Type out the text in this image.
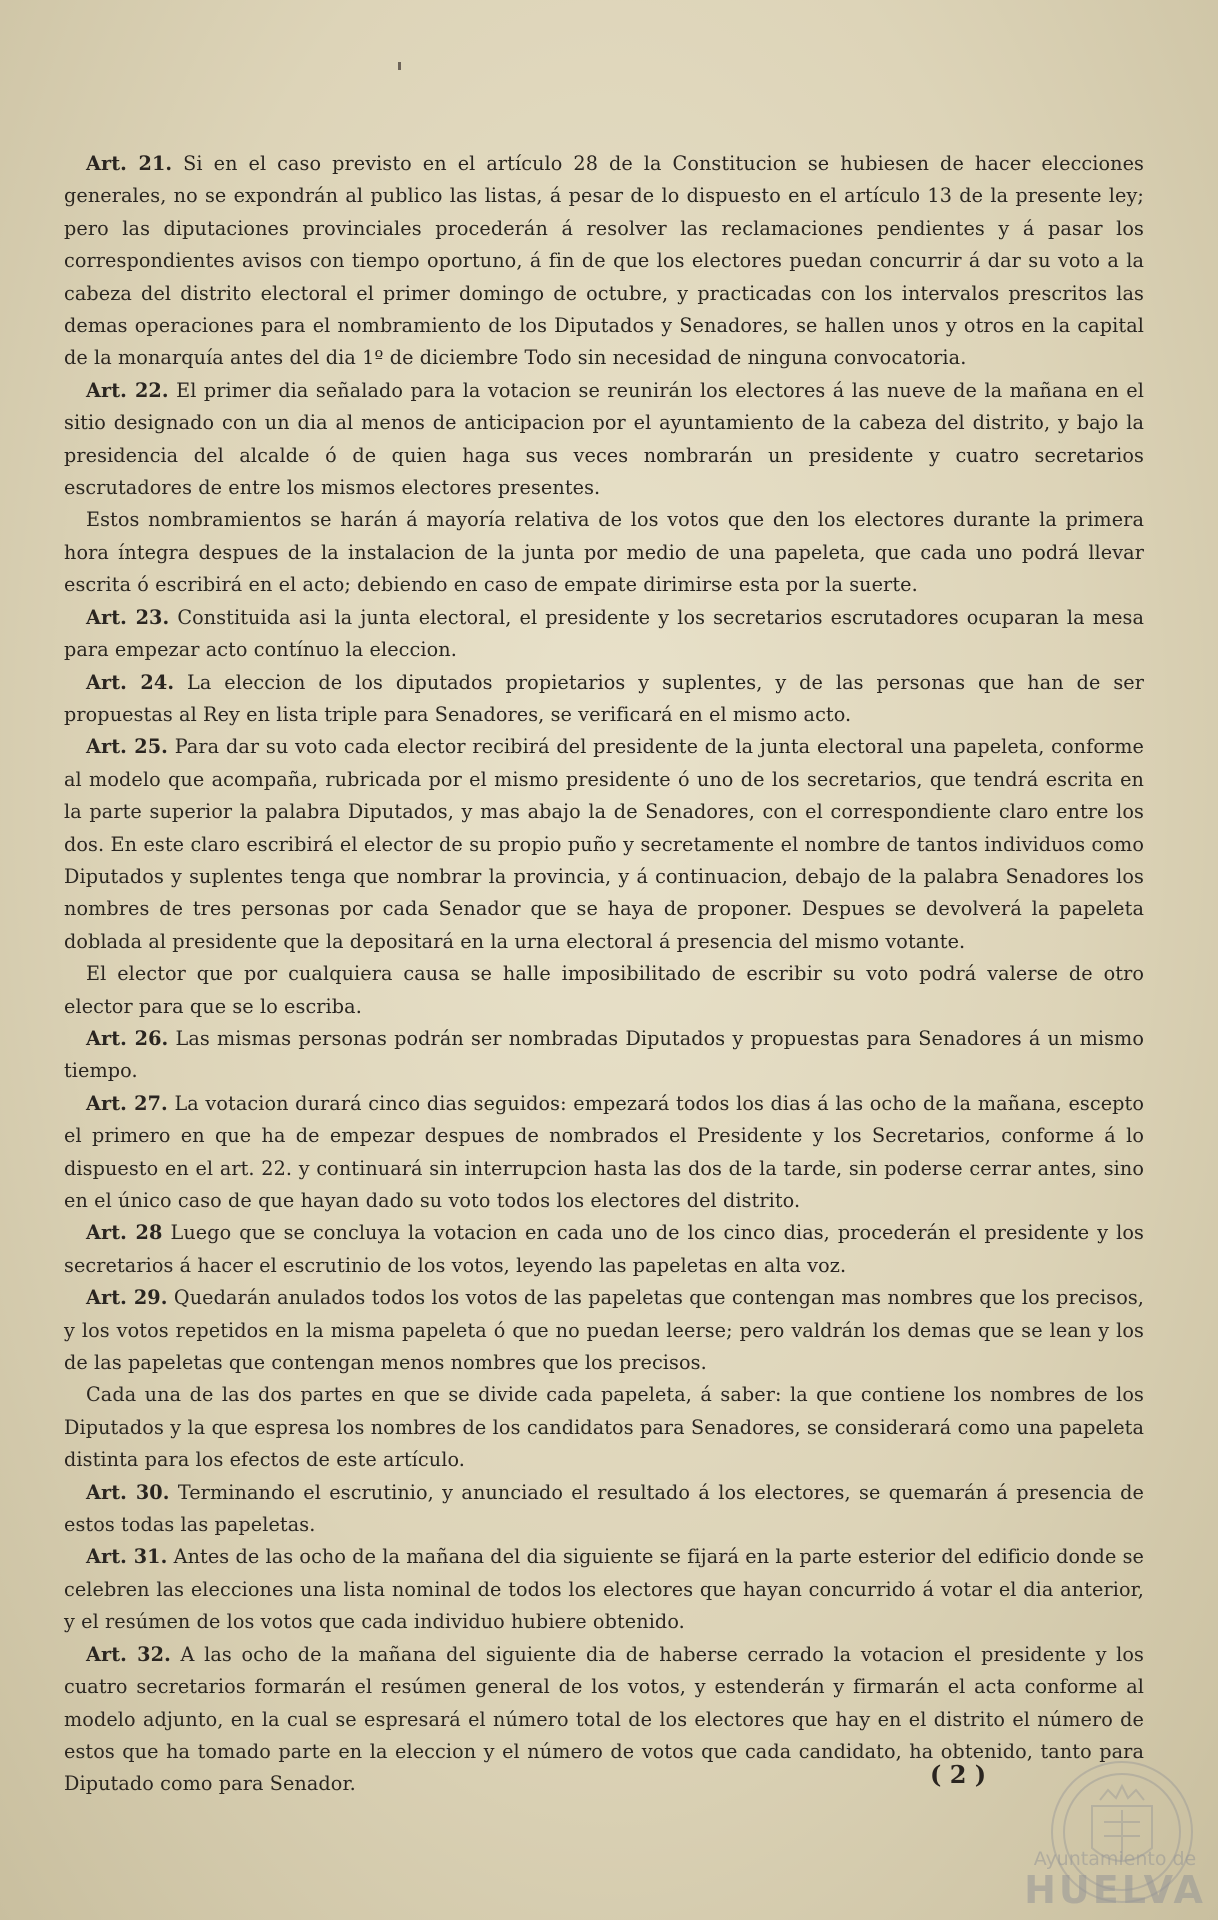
Art. 21. Si en el caso previsto en el artículo 28 de la Constitucion se hubiesen de hacer elecciones generales, no se expondrán al publico las listas, á pesar de lo dispuesto en el artículo 13 de la presente ley; pero las diputaciones provinciales procederán á resolver las reclamaciones pendientes y á pasar los correspondientes avisos con tiempo oportuno, á fin de que los electores puedan concurrir á dar su voto a la cabeza del distrito electoral el primer domingo de octubre, y practicadas con los intervalos prescritos las demas operaciones para el nombramiento de los Diputados y Senadores, se hallen unos y otros en la capital de la monarquía antes del dia 1º de diciembre Todo sin necesidad de ninguna convocatoria.

Art. 22. El primer dia señalado para la votacion se reunirán los electores á las nueve de la mañana en el sitio designado con un dia al menos de anticipacion por el ayuntamiento de la cabeza del distrito, y bajo la presidencia del alcalde ó de quien haga sus veces nombrarán un presidente y cuatro secretarios escrutadores de entre los mismos electores presentes.

Estos nombramientos se harán á mayoría relativa de los votos que den los electores durante la primera hora íntegra despues de la instalacion de la junta por medio de una papeleta, que cada uno podrá llevar escrita ó escribirá en el acto; debiendo en caso de empate dirimirse esta por la suerte.

Art. 23. Constituida asi la junta electoral, el presidente y los secretarios escrutadores ocuparan la mesa para empezar acto contínuo la eleccion.

Art. 24. La eleccion de los diputados propietarios y suplentes, y de las personas que han de ser propuestas al Rey en lista triple para Senadores, se verificará en el mismo acto.

Art. 25. Para dar su voto cada elector recibirá del presidente de la junta electoral una papeleta, conforme al modelo que acompaña, rubricada por el mismo presidente ó uno de los secretarios, que tendrá escrita en la parte superior la palabra Diputados, y mas abajo la de Senadores, con el correspondiente claro entre los dos. En este claro escribirá el elector de su propio puño y secretamente el nombre de tantos individuos como Diputados y suplentes tenga que nombrar la provincia, y á continuacion, debajo de la palabra Senadores los nombres de tres personas por cada Senador que se haya de proponer. Despues se devolverá la papeleta doblada al presidente que la depositará en la urna electoral á presencia del mismo votante.

El elector que por cualquiera causa se halle imposibilitado de escribir su voto podrá valerse de otro elector para que se lo escriba.

Art. 26. Las mismas personas podrán ser nombradas Diputados y propuestas para Senadores á un mismo tiempo.

Art. 27. La votacion durará cinco dias seguidos: empezará todos los dias á las ocho de la mañana, escepto el primero en que ha de empezar despues de nombrados el Presidente y los Secretarios, conforme á lo dispuesto en el art. 22. y continuará sin interrupcion hasta las dos de la tarde, sin poderse cerrar antes, sino en el único caso de que hayan dado su voto todos los electores del distrito.

Art. 28 Luego que se concluya la votacion en cada uno de los cinco dias, procederán el presidente y los secretarios á hacer el escrutinio de los votos, leyendo las papeletas en alta voz.

Art. 29. Quedarán anulados todos los votos de las papeletas que contengan mas nombres que los precisos, y los votos repetidos en la misma papeleta ó que no puedan leerse; pero valdrán los demas que se lean y los de las papeletas que contengan menos nombres que los precisos.

Cada una de las dos partes en que se divide cada papeleta, á saber: la que contiene los nombres de los Diputados y la que espresa los nombres de los candidatos para Senadores, se considerará como una papeleta distinta para los efectos de este artículo.

Art. 30. Terminando el escrutinio, y anunciado el resultado á los electores, se quemarán á presencia de estos todas las papeletas.

Art. 31. Antes de las ocho de la mañana del dia siguiente se fijará en la parte esterior del edificio donde se celebren las elecciones una lista nominal de todos los electores que hayan concurrido á votar el dia anterior, y el resúmen de los votos que cada individuo hubiere obtenido.

Art. 32. A las ocho de la mañana del siguiente dia de haberse cerrado la votacion el presidente y los cuatro secretarios formarán el resúmen general de los votos, y estenderán y firmarán el acta conforme al modelo adjunto, en la cual se espresará el número total de los electores que hay en el distrito el número de estos que ha tomado parte en la eleccion y el número de votos que cada candidato, ha obtenido, tanto para Diputado como para Senador.	( 2 )
Ayuntamiento de
HUELVA
